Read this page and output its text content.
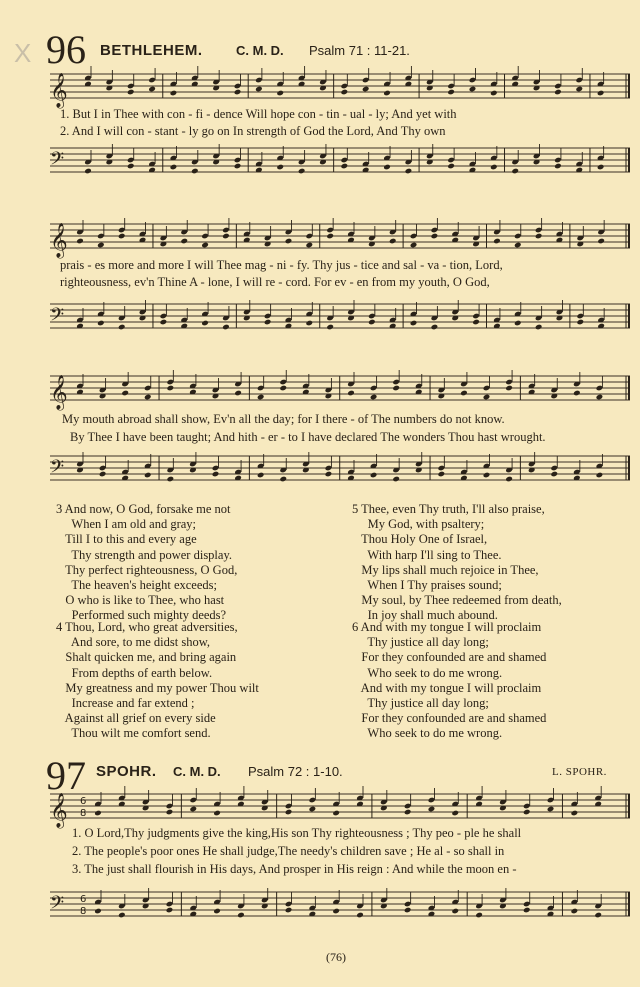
X 96 BETHLEHEM.	C. M. D. Psalm 71 : 11-21.
𝄞
1. But I in Thee with con - fi - dence Will hope con - tin - ual - ly; And yet with
2. And I will con - stant - ly go on In strength of God the Lord, And Thy own
𝄢
𝄞
prais - es more and more I will Thee mag - ni - fy. Thy jus - tice and sal - va - tion, Lord,
righteousness, ev'n Thine A - lone, I will re - cord. For ev - en from my youth, O God,
𝄢
𝄞
My mouth abroad shall show, Ev'n all the day; for I there - of The numbers do not know.
By Thee I have been taught; And hith - er - to I have declared The wonders Thou hast wrought.
𝄢
3 And now, O God, forsake me not
When I am old and gray;
Till I to this and every age
Thy strength and power display.
Thy perfect righteousness, O God,
The heaven's height exceeds;
O who is like to Thee, who hast
Performed such mighty deeds?
4 Thou, Lord, who great adversities,
And sore, to me didst show,
Shalt quicken me, and bring again
From depths of earth below.
My greatness and my power Thou wilt
Increase and far extend ;
Against all grief on every side
Thou wilt me comfort send.
5 Thee, even Thy truth, I'll also praise,
My God, with psaltery;
Thou Holy One of Israel,
With harp I'll sing to Thee.
My lips shall much rejoice in Thee,
When I Thy praises sound;
My soul, by Thee redeemed from death,
In joy shall much abound.
6 And with my tongue I will proclaim
Thy justice all day long;
For they confounded are and shamed
Who seek to do me wrong.
And with my tongue I will proclaim
Thy justice all day long;
For they confounded are and shamed
Who seek to do me wrong.
97 SPOHR. C. M. D. Psalm 72 : 1-10.	L. SPOHR.
𝄞 6
8
1. O Lord,Thy judgments give the king,His son Thy righteousness ; Thy peo - ple he shall
2. The people's poor ones He shall judge,The needy's children save ; He al - so shall in
3. The just shall flourish in His days, And prosper in His reign : And while the moon en -
𝄢 6
8
(76)
